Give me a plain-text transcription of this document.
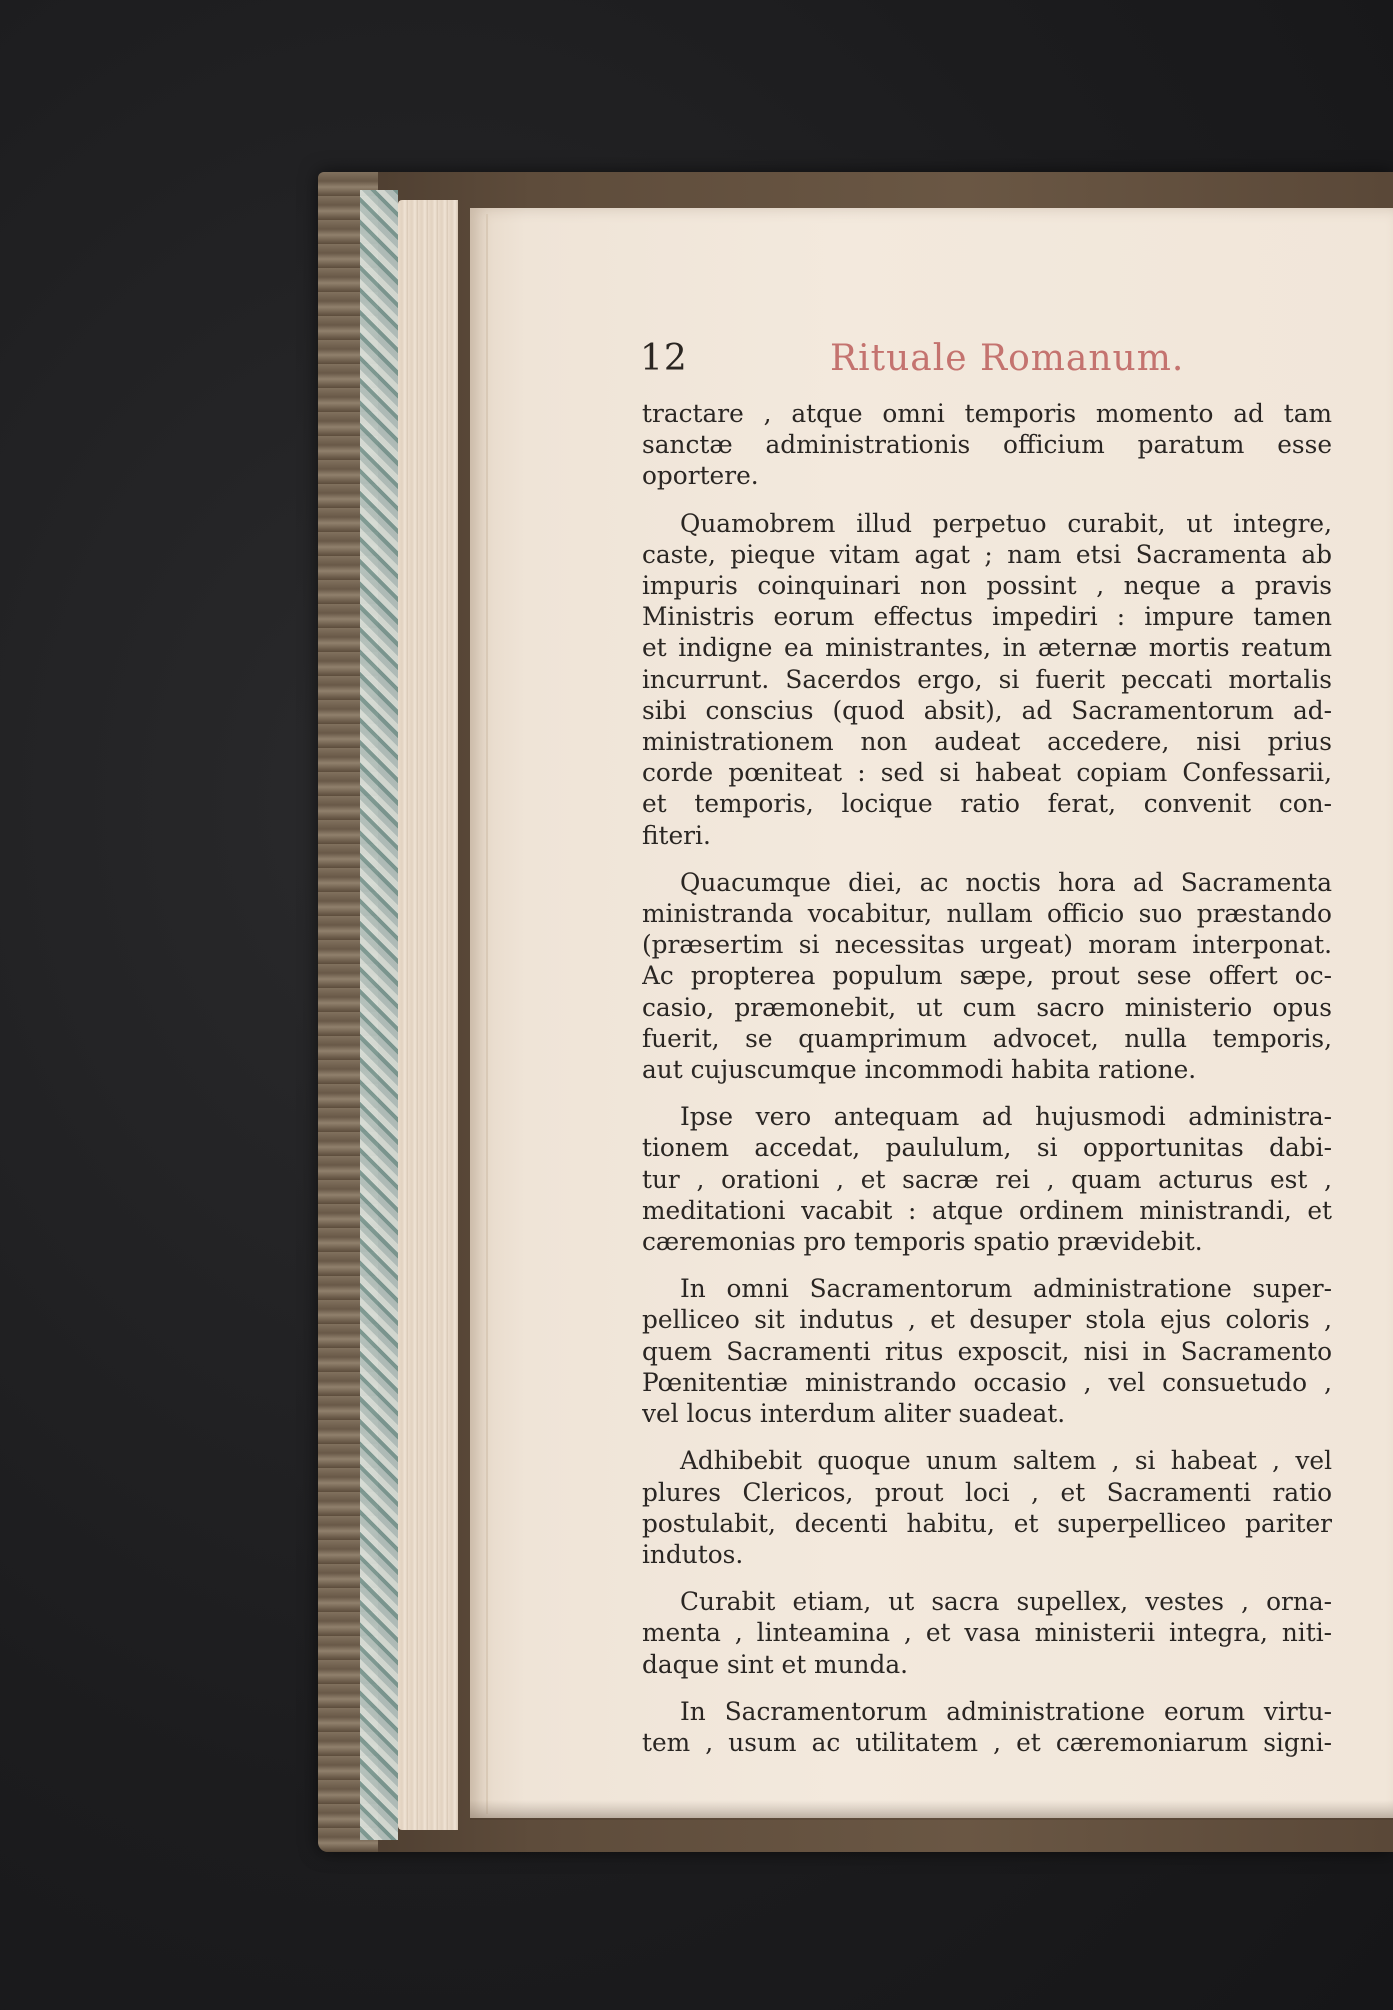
12	Rituale Romanum.

tractare , atque omni temporis momento ad tam
sanctæ administrationis officium paratum esse
oportere.

Quamobrem illud perpetuo curabit, ut integre,
caste, pieque vitam agat ; nam etsi Sacramenta ab
impuris coinquinari non possint , neque a pravis
Ministris eorum effectus impediri : impure tamen
et indigne ea ministrantes, in æternæ mortis reatum
incurrunt. Sacerdos ergo, si fuerit peccati mortalis
sibi conscius (quod absit), ad Sacramentorum ad-
ministrationem non audeat accedere, nisi prius
corde pœniteat : sed si habeat copiam Confessarii,
et temporis, locique ratio ferat, convenit con-
fiteri.

Quacumque diei, ac noctis hora ad Sacramenta
ministranda vocabitur, nullam officio suo præstando
(præsertim si necessitas urgeat) moram interponat.
Ac propterea populum sæpe, prout sese offert oc-
casio, præmonebit, ut cum sacro ministerio opus
fuerit, se quamprimum advocet, nulla temporis,
aut cujuscumque incommodi habita ratione.

Ipse vero antequam ad hujusmodi administra-
tionem accedat, paululum, si opportunitas dabi-
tur , orationi , et sacræ rei , quam acturus est ,
meditationi vacabit : atque ordinem ministrandi, et
cæremonias pro temporis spatio prævidebit.

In omni Sacramentorum administratione super-
pelliceo sit indutus , et desuper stola ejus coloris ,
quem Sacramenti ritus exposcit, nisi in Sacramento
Pœnitentiæ ministrando occasio , vel consuetudo ,
vel locus interdum aliter suadeat.

Adhibebit quoque unum saltem , si habeat , vel
plures Clericos, prout loci , et Sacramenti ratio
postulabit, decenti habitu, et superpelliceo pariter
indutos.

Curabit etiam, ut sacra supellex, vestes , orna-
menta , linteamina , et vasa ministerii integra, niti-
daque sint et munda.

In Sacramentorum administratione eorum virtu-
tem , usum ac utilitatem , et cæremoniarum signi-
